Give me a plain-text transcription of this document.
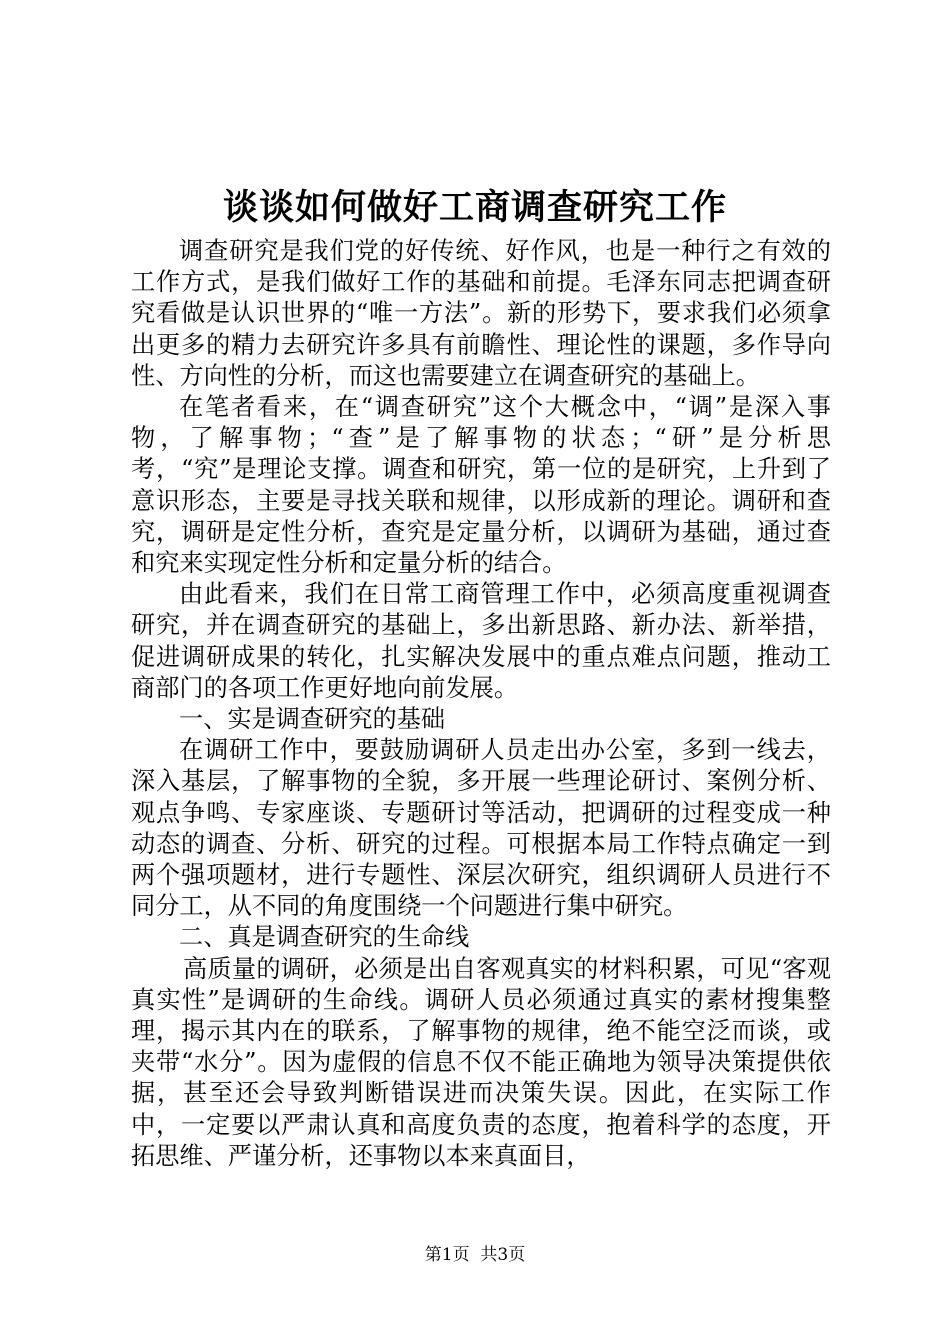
谈谈如何做好工商调查研究工作

调查研究是我们党的好传统、好作风，也是一种行之有效的工作方式，是我们做好工作的基础和前提。毛泽东同志把调查研究看做是认识世界的“唯一方法”。新的形势下，要求我们必须拿出更多的精力去研究许多具有前瞻性、理论性的课题，多作导向性、方向性的分析，而这也需要建立在调查研究的基础上。

在笔者看来，在“调查研究”这个大概念中，“调”是深入事物，了解事物；“查”是了解事物的状态；“研”是分析思考，“究”是理论支撑。调查和研究，第一位的是研究，上升到了意识形态，主要是寻找关联和规律，以形成新的理论。调研和查究，调研是定性分析，查究是定量分析，以调研为基础，通过查和究来实现定性分析和定量分析的结合。

由此看来，我们在日常工商管理工作中，必须高度重视调查研究，并在调查研究的基础上，多出新思路、新办法、新举措，促进调研成果的转化，扎实解决发展中的重点难点问题，推动工商部门的各项工作更好地向前发展。

一、实是调查研究的基础

在调研工作中，要鼓励调研人员走出办公室，多到一线去，深入基层，了解事物的全貌，多开展一些理论研讨、案例分析、观点争鸣、专家座谈、专题研讨等活动，把调研的过程变成一种动态的调查、分析、研究的过程。可根据本局工作特点确定一到两个强项题材，进行专题性、深层次研究，组织调研人员进行不同分工，从不同的角度围绕一个问题进行集中研究。

二、真是调查研究的生命线

高质量的调研，必须是出自客观真实的材料积累，可见“客观真实性”是调研的生命线。调研人员必须通过真实的素材搜集整理，揭示其内在的联系，了解事物的规律，绝不能空泛而谈，或夹带“水分”。因为虚假的信息不仅不能正确地为领导决策提供依据，甚至还会导致判断错误进而决策失误。因此，在实际工作中，一定要以严肃认真和高度负责的态度，抱着科学的态度，开拓思维、严谨分析，还事物以本来真面目，

第1页 共3页
